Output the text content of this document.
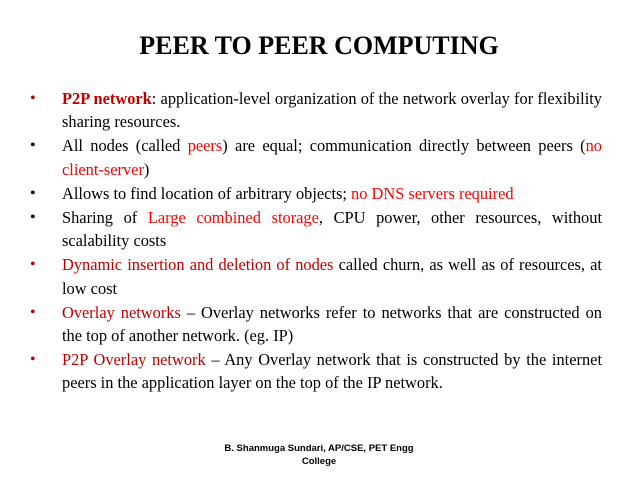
PEER TO PEER COMPUTING
• P2P network: application-level organization of the network overlay for flexibility sharing resources.
• All nodes (called peers) are equal; communication directly between peers (no client-server)
• Allows to find location of arbitrary objects; no DNS servers required
• Sharing of Large combined storage, CPU power, other resources, without scalability costs
• Dynamic insertion and deletion of nodes called churn, as well as of resources, at low cost
• Overlay networks – Overlay networks refer to networks that are constructed on the top of another network. (eg. IP)
• P2P Overlay network – Any Overlay network that is constructed by the internet peers in the application layer on the top of the IP network.
B. Shanmuga Sundari, AP/CSE, PET Engg
College
